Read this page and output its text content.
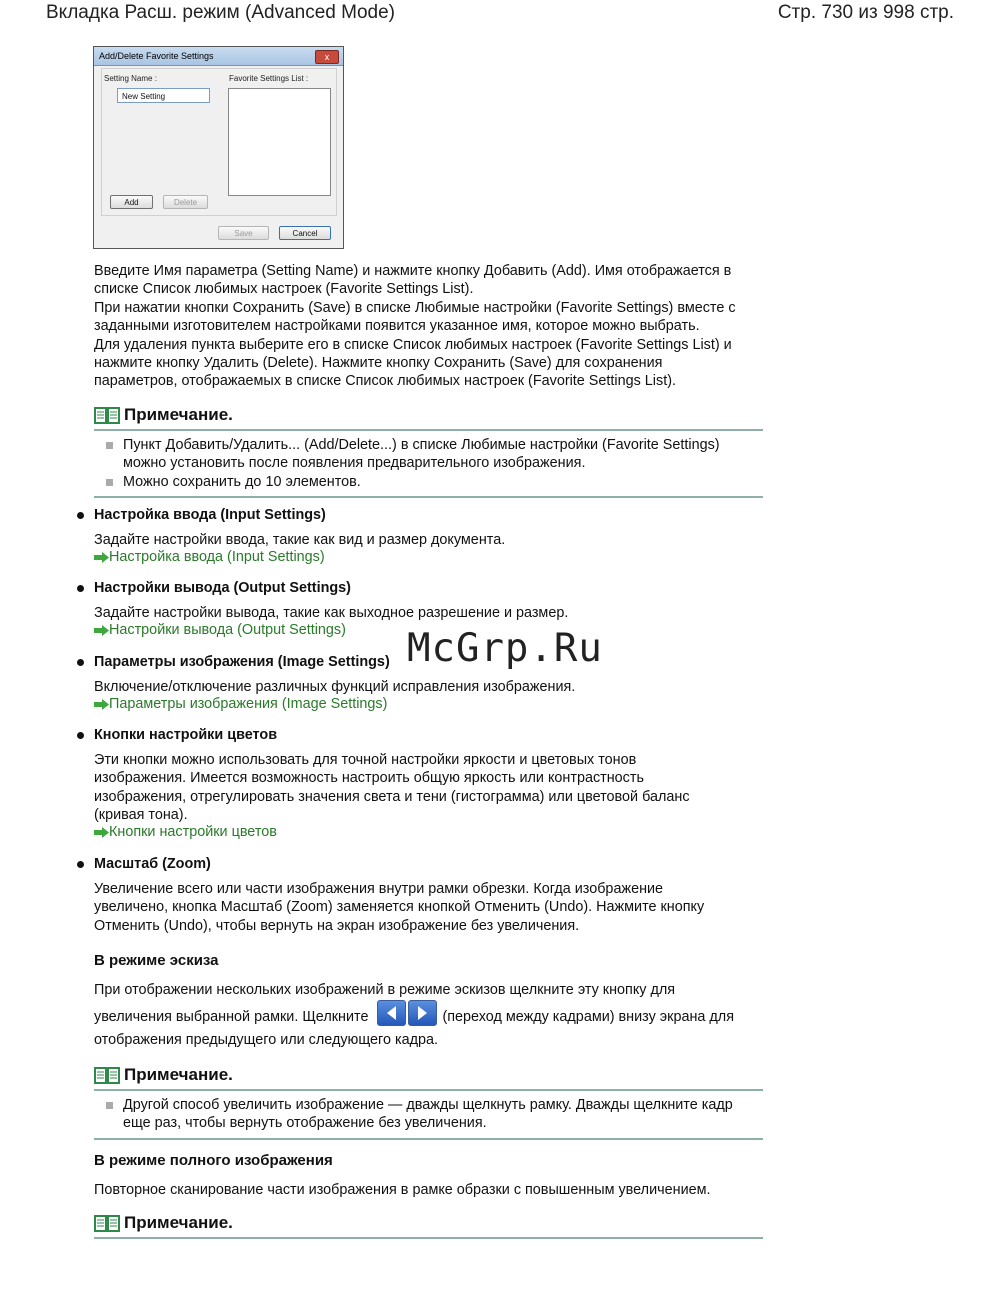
Вкладка Расш. режим (Advanced Mode)	Стр. 730 из 998 стр.
Add/Delete Favorite Settings	x
Setting Name :
New Setting
Favorite Settings List :
Add	Delete
Save	Cancel
Введите Имя параметра (Setting Name) и нажмите кнопку Добавить (Add). Имя отображается в
списке Список любимых настроек (Favorite Settings List).
При нажатии кнопки Сохранить (Save) в списке Любимые настройки (Favorite Settings) вместе с
заданными изготовителем настройками появится указанное имя, которое можно выбрать.
Для удаления пункта выберите его в списке Список любимых настроек (Favorite Settings List) и
нажмите кнопку Удалить (Delete). Нажмите кнопку Сохранить (Save) для сохранения
параметров, отображаемых в списке Список любимых настроек (Favorite Settings List).
Примечание.
Пункт Добавить/Удалить... (Add/Delete...) в списке Любимые настройки (Favorite Settings)
можно установить после появления предварительного изображения.
Можно сохранить до 10 элементов.
Настройка ввода (Input Settings)
Задайте настройки ввода, такие как вид и размер документа.
Настройка ввода (Input Settings)
Настройки вывода (Output Settings)
Задайте настройки вывода, такие как выходное разрешение и размер.
Настройки вывода (Output Settings)
Параметры изображения (Image Settings) McGrp.Ru
Включение/отключение различных функций исправления изображения.
Параметры изображения (Image Settings)
Кнопки настройки цветов
Эти кнопки можно использовать для точной настройки яркости и цветовых тонов
изображения. Имеется возможность настроить общую яркость или контрастность
изображения, отрегулировать значения света и тени (гистограмма) или цветовой баланс
(кривая тона).
Кнопки настройки цветов
Масштаб (Zoom)
Увеличение всего или части изображения внутри рамки обрезки. Когда изображение
увеличено, кнопка Масштаб (Zoom) заменяется кнопкой Отменить (Undo). Нажмите кнопку
Отменить (Undo), чтобы вернуть на экран изображение без увеличения.
В режиме эскиза
При отображении нескольких изображений в режиме эскизов щелкните эту кнопку для
увеличения выбранной рамки. Щелкните	(переход между кадрами) внизу экрана для
отображения предыдущего или следующего кадра.
Примечание.
Другой способ увеличить изображение — дважды щелкнуть рамку. Дважды щелкните кадр
еще раз, чтобы вернуть отображение без увеличения.
В режиме полного изображения
Повторное сканирование части изображения в рамке образки с повышенным увеличением.
Примечание.
